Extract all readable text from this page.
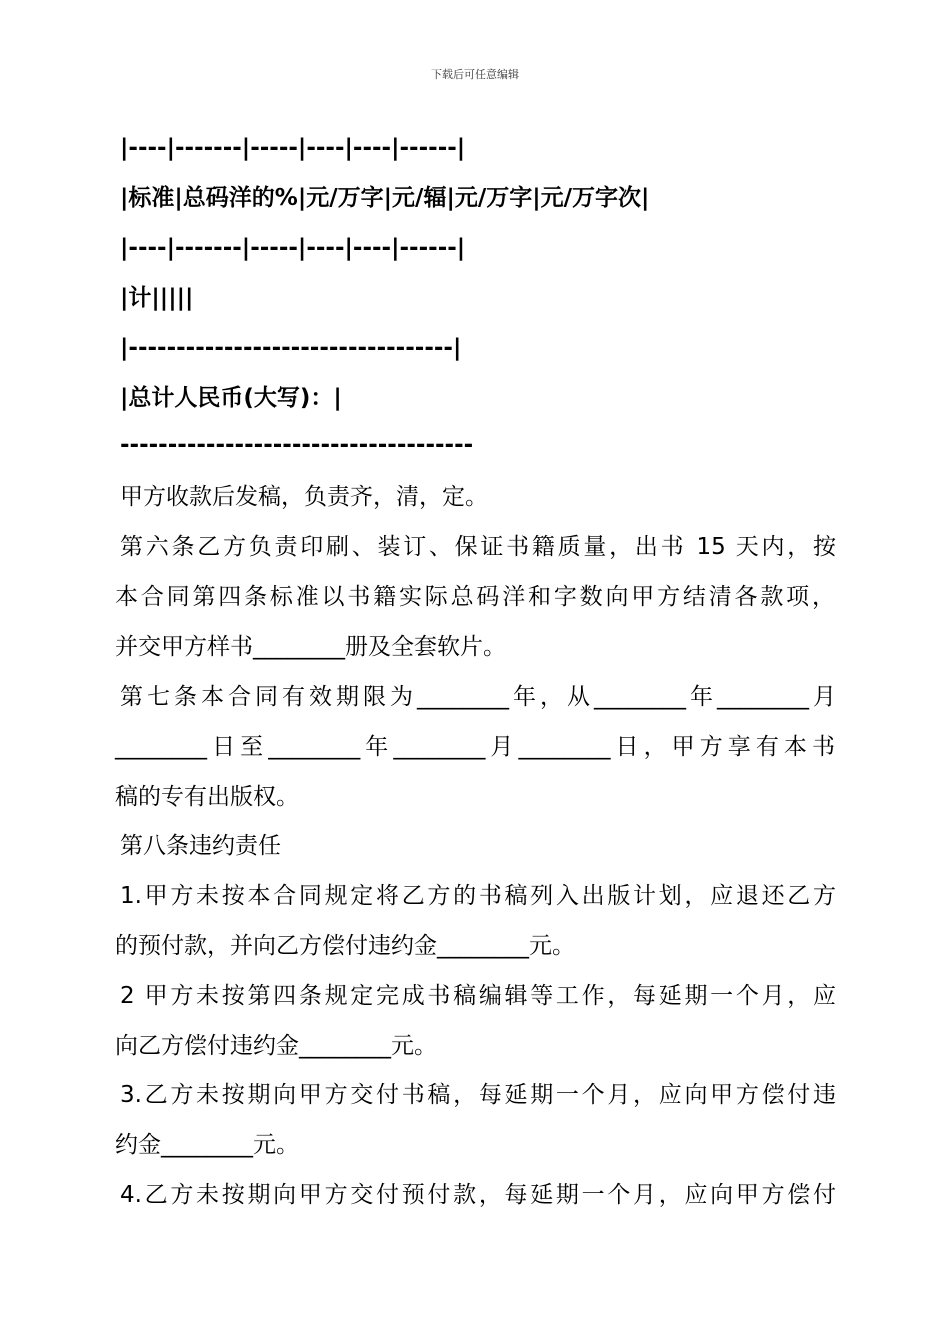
下载后可任意编辑
|----|-------|-----|----|----|------|
|标准|总码洋的%|元/万字|元/辐|元/万字|元/万字次|
|----|-------|-----|----|----|------|
|计|||||
|----------------------------------|
|总计人民币(大写)：|
-------------------------------------
甲方收款后发稿，负责齐，清，定。
第六条乙方负责印刷、装订、保证书籍质量，出书 15 天内，按
本合同第四条标准以书籍实际总码洋和字数向甲方结清各款项，
并交甲方样书________册及全套软片。
第七条本合同有效期限为________年，从________年________月
________日至________年________月________日，甲方享有本书
稿的专有出版权。
第八条违约责任
1.甲方未按本合同规定将乙方的书稿列入出版计划，应退还乙方
的预付款，并向乙方偿付违约金________元。
2 甲方未按第四条规定完成书稿编辑等工作，每延期一个月，应
向乙方偿付违约金________元。
3.乙方未按期向甲方交付书稿，每延期一个月，应向甲方偿付违
约金________元。
4.乙方未按期向甲方交付预付款，每延期一个月，应向甲方偿付
